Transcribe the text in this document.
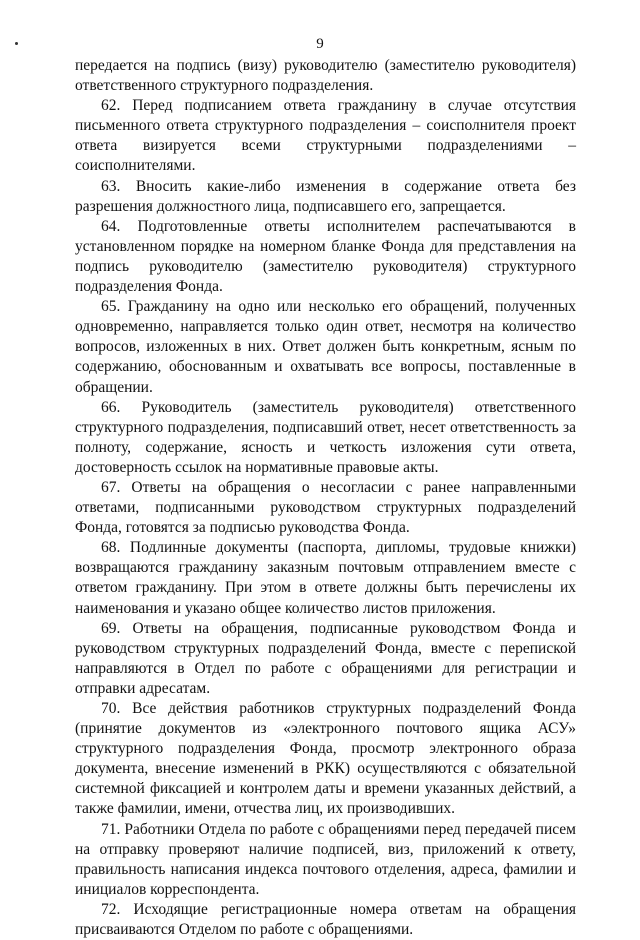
9

передается на подпись (визу) руководителю (заместителю руководителя) ответственного структурного подразделения.

62. Перед подписанием ответа гражданину в случае отсутствия письменного ответа структурного подразделения – соисполнителя проект ответа визируется всеми структурными подразделениями – соисполнителями.

63. Вносить какие-либо изменения в содержание ответа без разрешения должностного лица, подписавшего его, запрещается.

64. Подготовленные ответы исполнителем распечатываются в установленном порядке на номерном бланке Фонда для представления на подпись руководителю (заместителю руководителя) структурного подразделения Фонда.

65. Гражданину на одно или несколько его обращений, полученных одновременно, направляется только один ответ, несмотря на количество вопросов, изложенных в них. Ответ должен быть конкретным, ясным по содержанию, обоснованным и охватывать все вопросы, поставленные в обращении.

66. Руководитель (заместитель руководителя) ответственного структурного подразделения, подписавший ответ, несет ответственность за полноту, содержание, ясность и четкость изложения сути ответа, достоверность ссылок на нормативные правовые акты.

67. Ответы на обращения о несогласии с ранее направленными ответами, подписанными руководством структурных подразделений Фонда, готовятся за подписью руководства Фонда.

68. Подлинные документы (паспорта, дипломы, трудовые книжки) возвращаются гражданину заказным почтовым отправлением вместе с ответом гражданину. При этом в ответе должны быть перечислены их наименования и указано общее количество листов приложения.

69. Ответы на обращения, подписанные руководством Фонда и руководством структурных подразделений Фонда, вместе с перепиской направляются в Отдел по работе с обращениями для регистрации и отправки адресатам.

70. Все действия работников структурных подразделений Фонда (принятие документов из «электронного почтового ящика АСУ» структурного подразделения Фонда, просмотр электронного образа документа, внесение изменений в РКК) осуществляются с обязательной системной фиксацией и контролем даты и времени указанных действий, а также фамилии, имени, отчества лиц, их производивших.

71. Работники Отдела по работе с обращениями перед передачей писем на отправку проверяют наличие подписей, виз, приложений к ответу, правильность написания индекса почтового отделения, адреса, фамилии и инициалов корреспондента.

72. Исходящие регистрационные номера ответам на обращения присваиваются Отделом по работе с обращениями.
